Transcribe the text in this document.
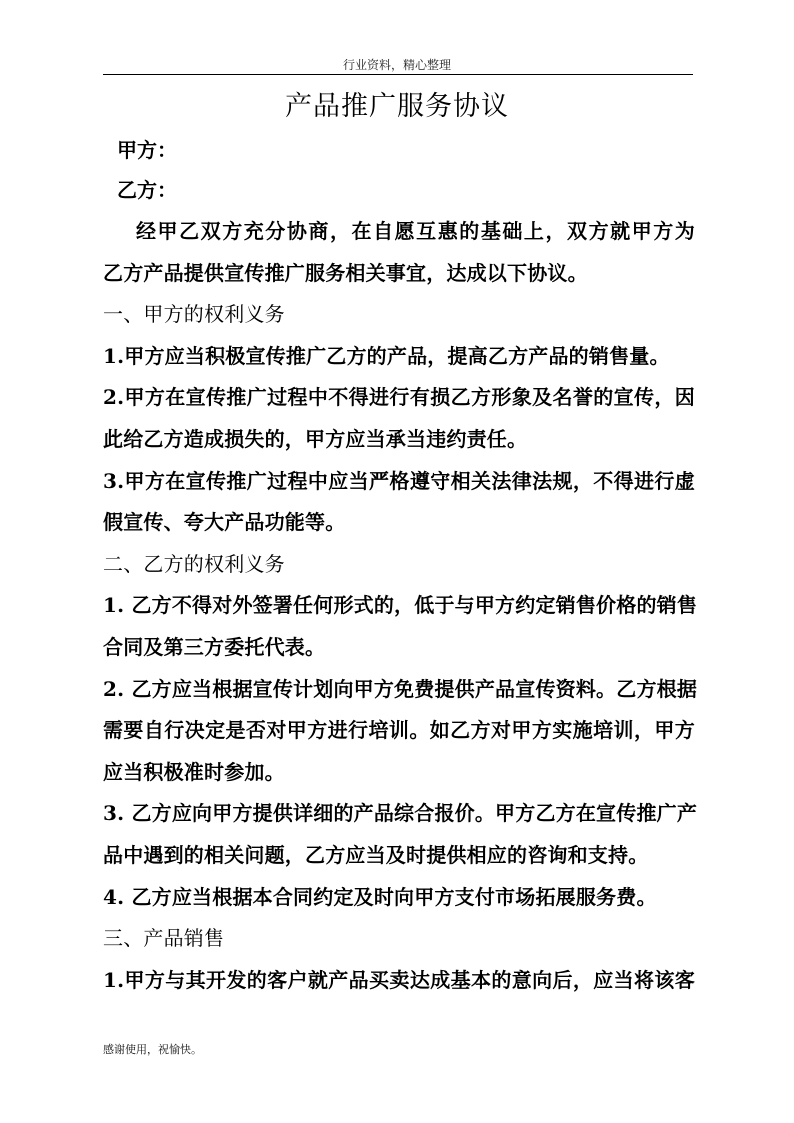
行业资料，精心整理
产品推广服务协议
甲方：
乙方：
经甲乙双方充分协商，在自愿互惠的基础上，双方就甲方为
乙方产品提供宣传推广服务相关事宜，达成以下协议。
一、甲方的权利义务
1.甲方应当积极宣传推广乙方的产品，提高乙方产品的销售量。
2.甲方在宣传推广过程中不得进行有损乙方形象及名誉的宣传，因
此给乙方造成损失的，甲方应当承当违约责任。
3.甲方在宣传推广过程中应当严格遵守相关法律法规，不得进行虚
假宣传、夸大产品功能等。
二、乙方的权利义务
1. 乙方不得对外签署任何形式的，低于与甲方约定销售价格的销售
合同及第三方委托代表。
2. 乙方应当根据宣传计划向甲方免费提供产品宣传资料。乙方根据
需要自行决定是否对甲方进行培训。如乙方对甲方实施培训，甲方
应当积极准时参加。
3. 乙方应向甲方提供详细的产品综合报价。甲方乙方在宣传推广产
品中遇到的相关问题，乙方应当及时提供相应的咨询和支持。
4. 乙方应当根据本合同约定及时向甲方支付市场拓展服务费。
三、产品销售
1.甲方与其开发的客户就产品买卖达成基本的意向后，应当将该客
感谢使用，祝愉快。
